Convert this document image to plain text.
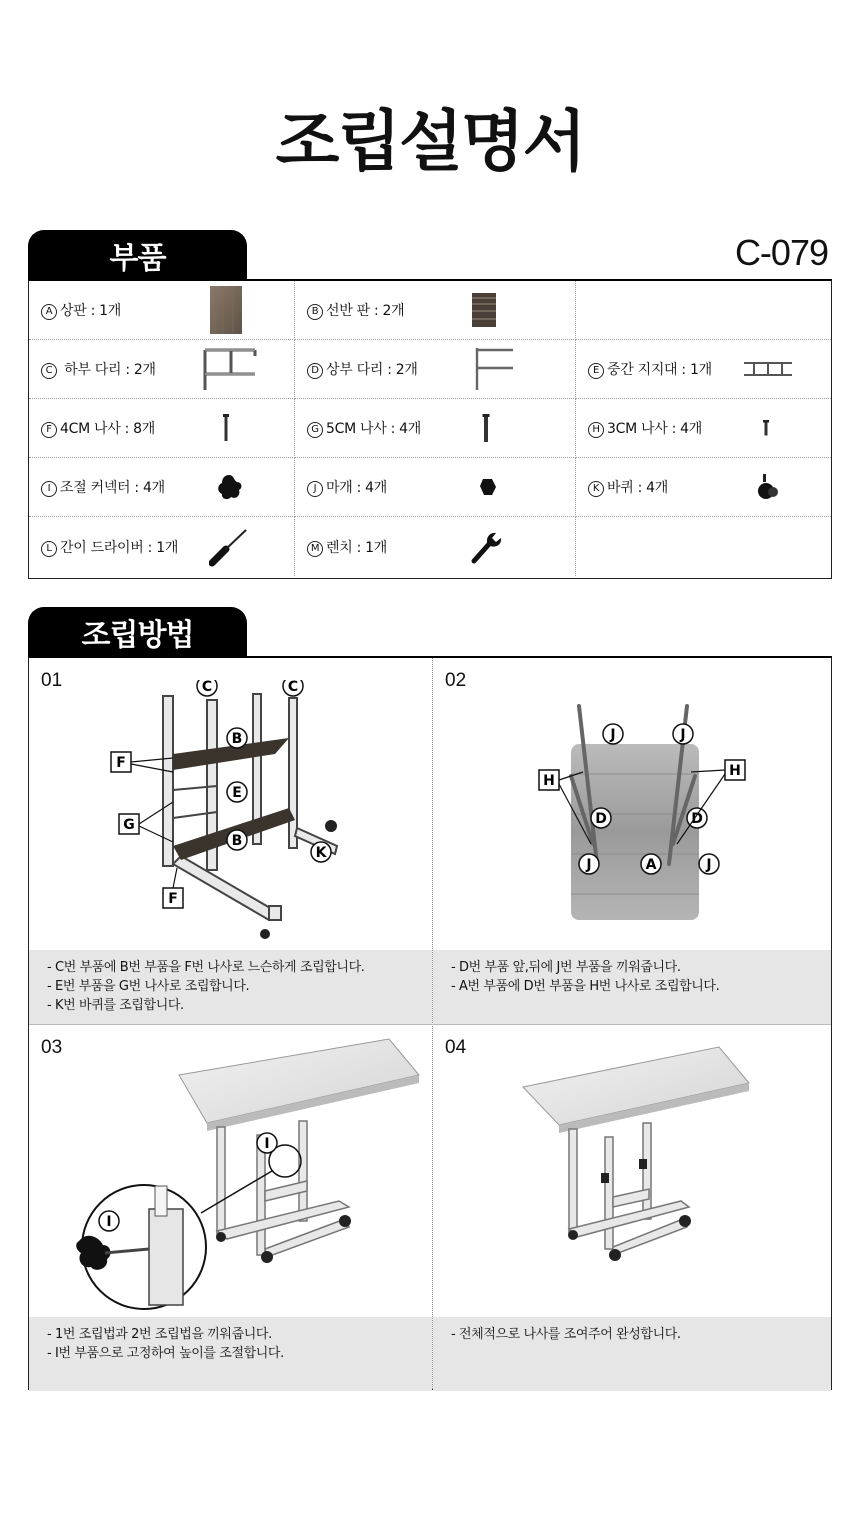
조립설명서
부품	C-079
A 상판 : 1개	B 선반 판 : 2개
C 하부 다리 : 2개	D 상부 다리 : 2개	E 중간 지지대 : 1개
F 4CM 나사 : 8개	G 5CM 나사 : 4개	H 3CM 나사 : 4개
I 조절 커넥터 : 4개	J 마개 : 4개	K 바퀴 : 4개
L 간이 드라이버 : 1개	M 렌치 : 1개
조립방법
01	C	C
B
F
E
G
B
K
F
- C번 부품에 B번 부품을 F번 나사로 느슨하게 조립합니다.
- E번 부품을 G번 나사로 조립합니다.
- K번 바퀴를 조립합니다.
02
J	J
H
H
D	D
J	A	J
- D번 부품 앞,뒤에 J번 부품을 끼워줍니다.
- A번 부품에 D번 부품을 H번 나사로 조립합니다.
03
I
I
- 1번 조립법과 2번 조립법을 끼워줍니다.
- I번 부품으로 고정하여 높이를 조절합니다.
04
- 전체적으로 나사를 조여주어 완성합니다.
